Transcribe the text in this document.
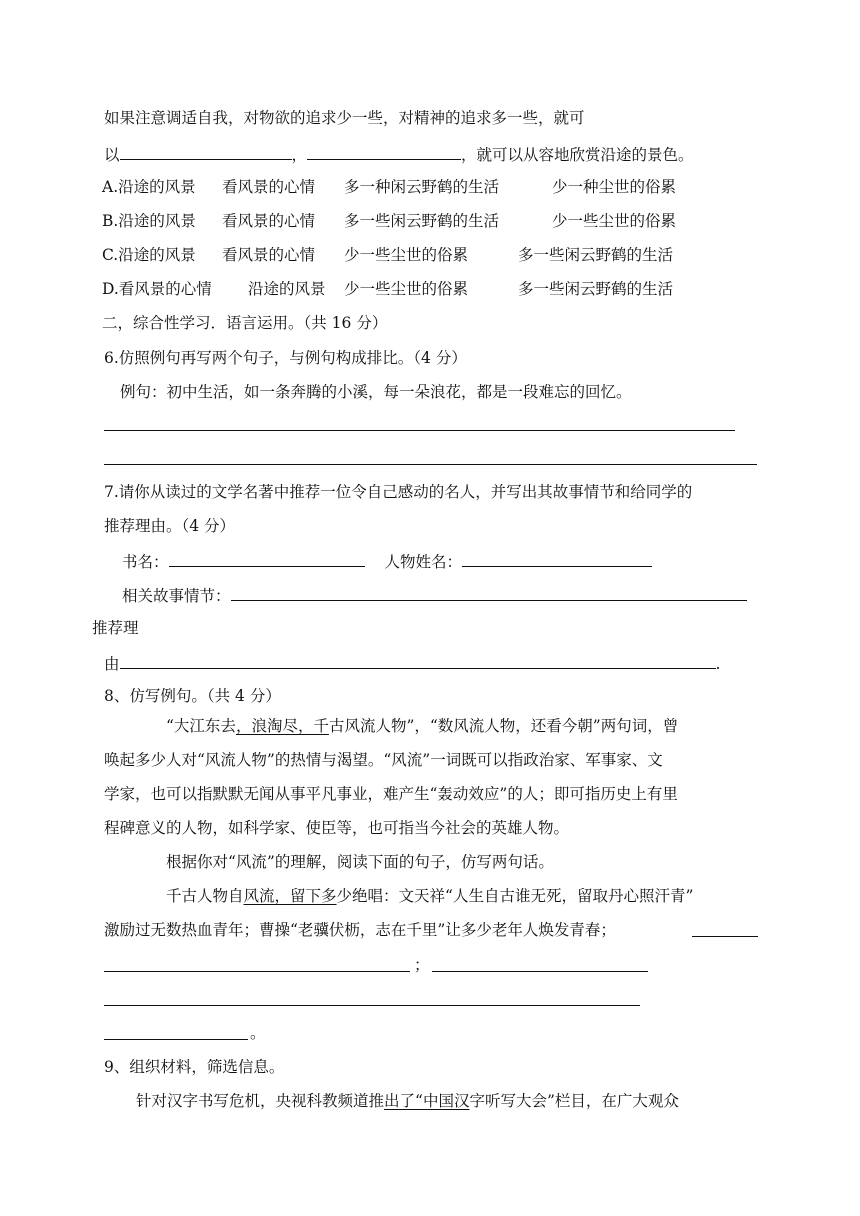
如果注意调适自我，对物欲的追求少一些，对精神的追求多一些，就可
以	，	，就可以从容地欣赏沿途的景色。
A.沿途的风景 看风景的心情 多一种闲云野鹤的生活	少一种尘世的俗累
B.沿途的风景 看风景的心情 多一些闲云野鹤的生活	少一些尘世的俗累
C.沿途的风景 看风景的心情 少一些尘世的俗累	多一些闲云野鹤的生活
D.看风景的心情 沿途的风景 少一些尘世的俗累	多一些闲云野鹤的生活
二，综合性学习．语言运用。（共 16 分）
6.仿照例句再写两个句子，与例句构成排比。（4 分）
例句：初中生活，如一条奔腾的小溪，每一朵浪花，都是一段难忘的回忆。
7.请你从读过的文学名著中推荐一位令自己感动的名人，并写出其故事情节和给同学的
推荐理由。（4 分）
书名：	人物姓名：
相关故事情节：
推荐理
由	.
8、仿写例句。（共 4 分）
“大江东去，浪淘尽，千古风流人物”，“数风流人物，还看今朝”两句词，曾
唤起多少人对“风流人物”的热情与渴望。“风流”一词既可以指政治家、军事家、文
学家，也可以指默默无闻从事平凡事业，难产生“轰动效应”的人；即可指历史上有里
程碑意义的人物，如科学家、使臣等，也可指当今社会的英雄人物。
根据你对“风流”的理解，阅读下面的句子，仿写两句话。
千古人物自风流，留下多少绝唱：文天祥“人生自古谁无死，留取丹心照汗青”
激励过无数热血青年；曹操“老骥伏枥，志在千里”让多少老年人焕发青春；
；
。
9、组织材料，筛选信息。
针对汉字书写危机，央视科教频道推出了“中国汉字听写大会”栏目，在广大观众
